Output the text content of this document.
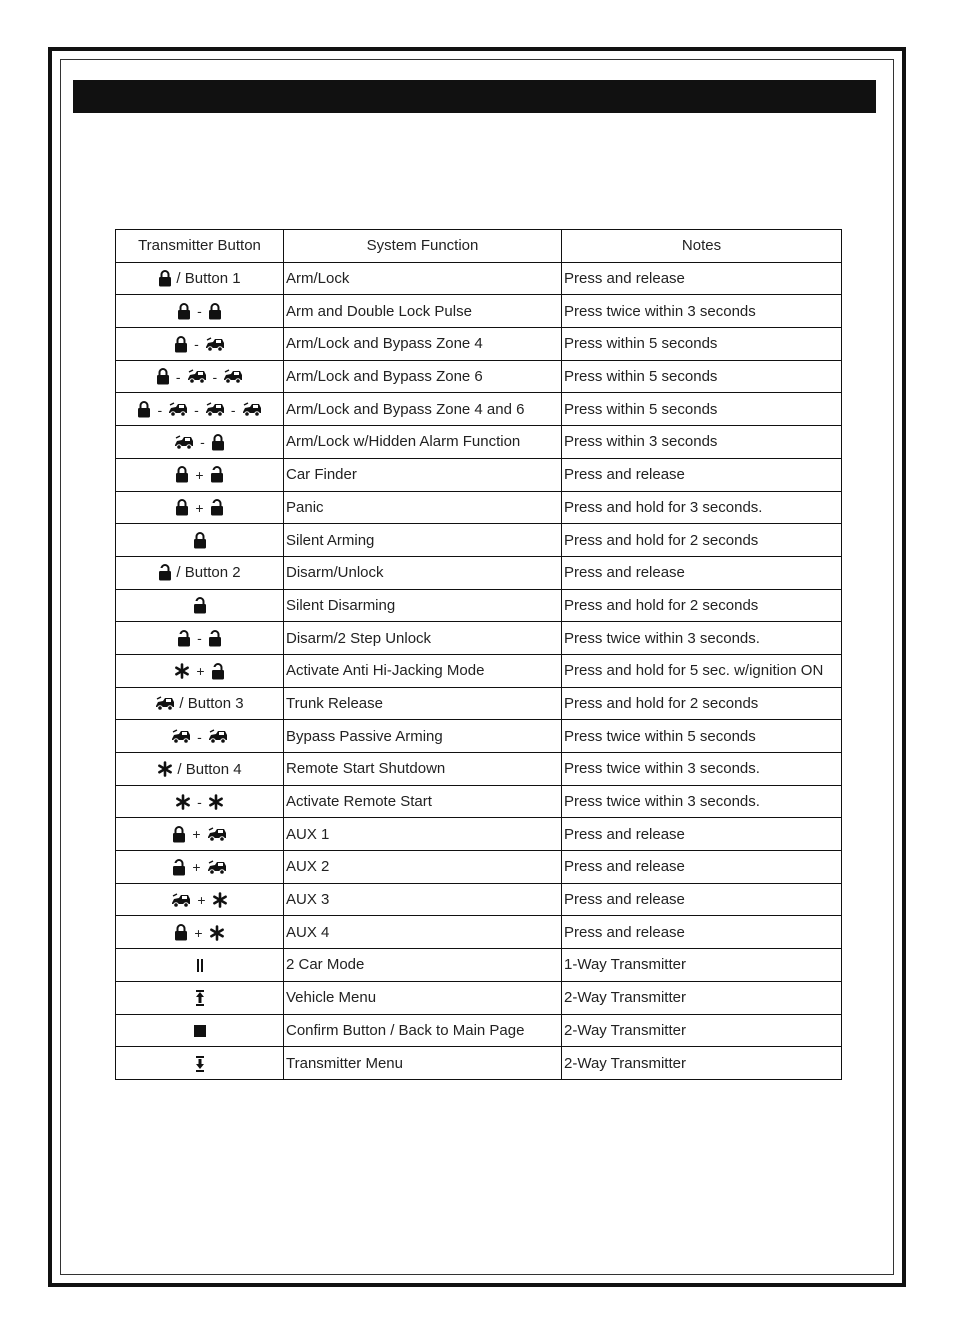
Transmitter Button	System Function	Notes

/ Button 1	Arm/Lock	Press and release

-	Arm and Double Lock Pulse	Press twice within 3 seconds

-	Arm/Lock and Bypass Zone 4	Press within 5 seconds

- -	Arm/Lock and Bypass Zone 6	Press within 5 seconds

- - -	Arm/Lock and Bypass Zone 4 and 6	Press within 5 seconds

-	Arm/Lock w/Hidden Alarm Function	Press within 3 seconds

+	Car Finder	Press and release

+	Panic	Press and hold for 3 seconds.

	Silent Arming	Press and hold for 2 seconds

/ Button 2	Disarm/Unlock	Press and release

	Silent Disarming	Press and hold for 2 seconds

-	Disarm/2 Step Unlock	Press twice within 3 seconds.

+	Activate Anti Hi-Jacking Mode	Press and hold for 5 sec. w/ignition ON

/ Button 3	Trunk Release	Press and hold for 2 seconds

-	Bypass Passive Arming	Press twice within 5 seconds

/ Button 4	Remote Start Shutdown	Press twice within 3 seconds.

-	Activate Remote Start	Press twice within 3 seconds.

+	AUX 1	Press and release

+	AUX 2	Press and release

+	AUX 3	Press and release

+	AUX 4	Press and release

	2 Car Mode	1-Way Transmitter

	Vehicle Menu	2-Way Transmitter

	Confirm Button / Back to Main Page	2-Way Transmitter

	Transmitter Menu	2-Way Transmitter
